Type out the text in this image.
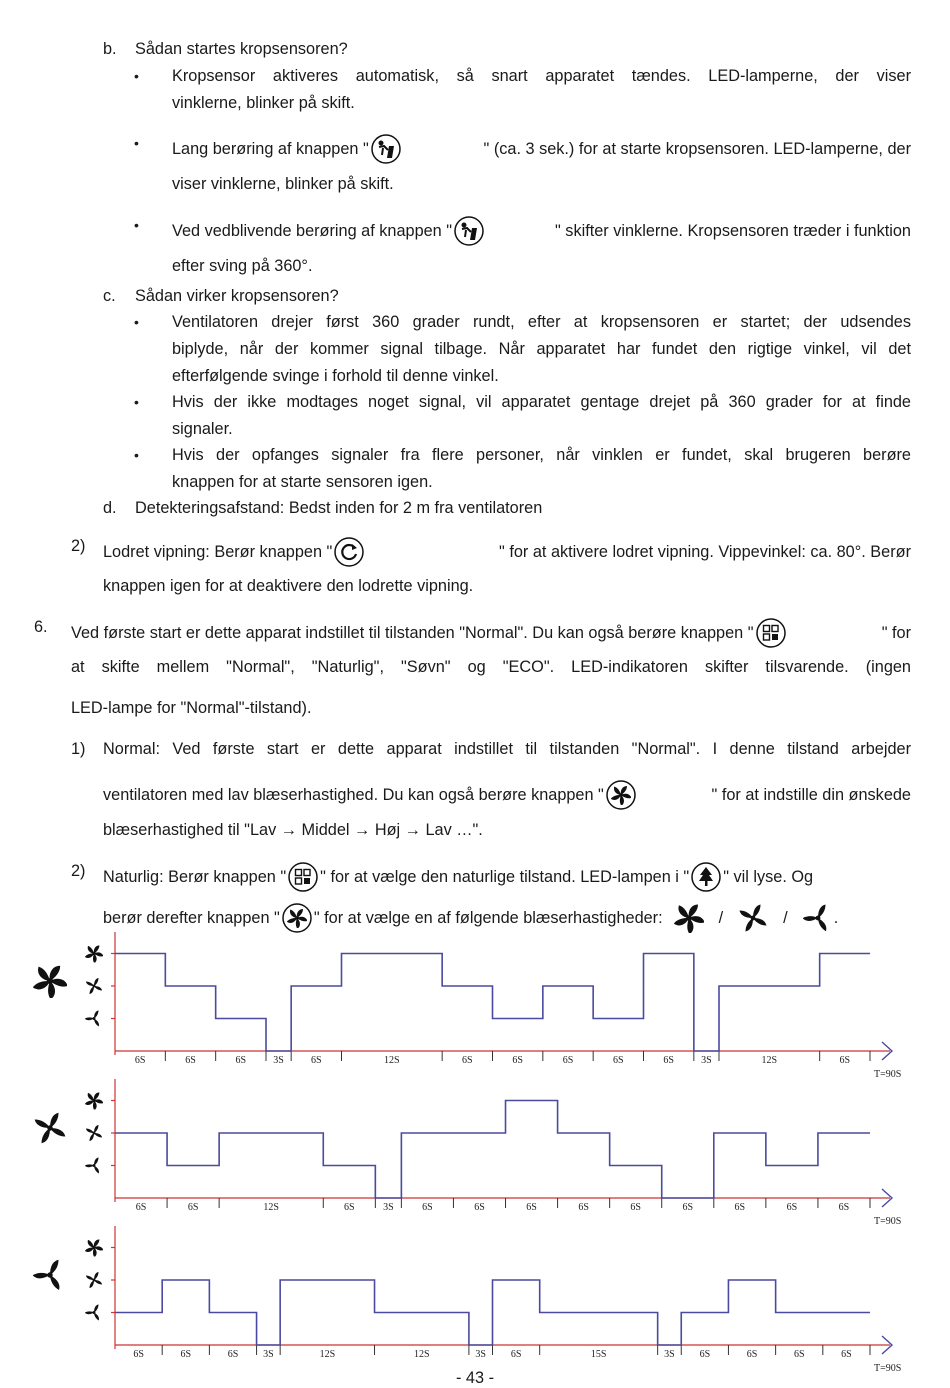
b. Sådan startes kropsensoren?
• Kropsensor aktiveres automatisk, så snart apparatet tændes. LED-lamperne, der viser
vinklerne, blinker på skift.
• Lang berøring af knappen "	" (ca. 3 sek.) for at starte kropsensoren. LED-lamperne, der
viser vinklerne, blinker på skift.
• Ved vedblivende berøring af knappen "	" skifter vinklerne. Kropsensoren træder i funktion
efter sving på 360°.
c. Sådan virker kropsensoren?
• Ventilatoren drejer først 360 grader rundt, efter at kropsensoren er startet; der udsendes
biplyde, når der kommer signal tilbage. Når apparatet har fundet den rigtige vinkel, vil det
efterfølgende svinge i forhold til denne vinkel.
• Hvis der ikke modtages noget signal, vil apparatet gentage drejet på 360 grader for at finde
signaler.
• Hvis der opfanges signaler fra flere personer, når vinklen er fundet, skal brugeren berøre
knappen for at starte sensoren igen.
d. Detekteringsafstand: Bedst inden for 2 m fra ventilatoren
2) Lodret vipning: Berør knappen "	" for at aktivere lodret vipning. Vippevinkel: ca. 80°. Berør
knappen igen for at deaktivere den lodrette vipning.
6. Ved første start er dette apparat indstillet til tilstanden "Normal". Du kan også berøre knappen "	" for
at skifte mellem "Normal", "Naturlig", "Søvn" og "ECO". LED-indikatoren skifter tilsvarende. (ingen
LED-lampe for "Normal"-tilstand).
1) Normal: Ved første start er dette apparat indstillet til tilstanden "Normal". I denne tilstand arbejder
ventilatoren med lav blæserhastighed. Du kan også berøre knappen "	" for at indstille din ønskede
blæserhastighed til "Lav → Middel → Høj → Lav …".
2) Naturlig: Berør knappen " " for at vælge den naturlige tilstand. LED-lampen i " " vil lyse. Og
berør derefter knappen " " for at vælge en af følgende blæserhastigheder:	/	/	.
6S	6S	6S	3S	6S	12S	6S	6S	6S	6S	6S	3S	12S	6S
T=90S
6S	6S	12S	6S	3S	6S	6S	6S	6S	6S	6S	6S	6S	6S
T=90S
6S	6S	6S 3S	12S	12S	3S 6S	15S	3S 6S	6S	6S	6S
T=90S
- 43 -
